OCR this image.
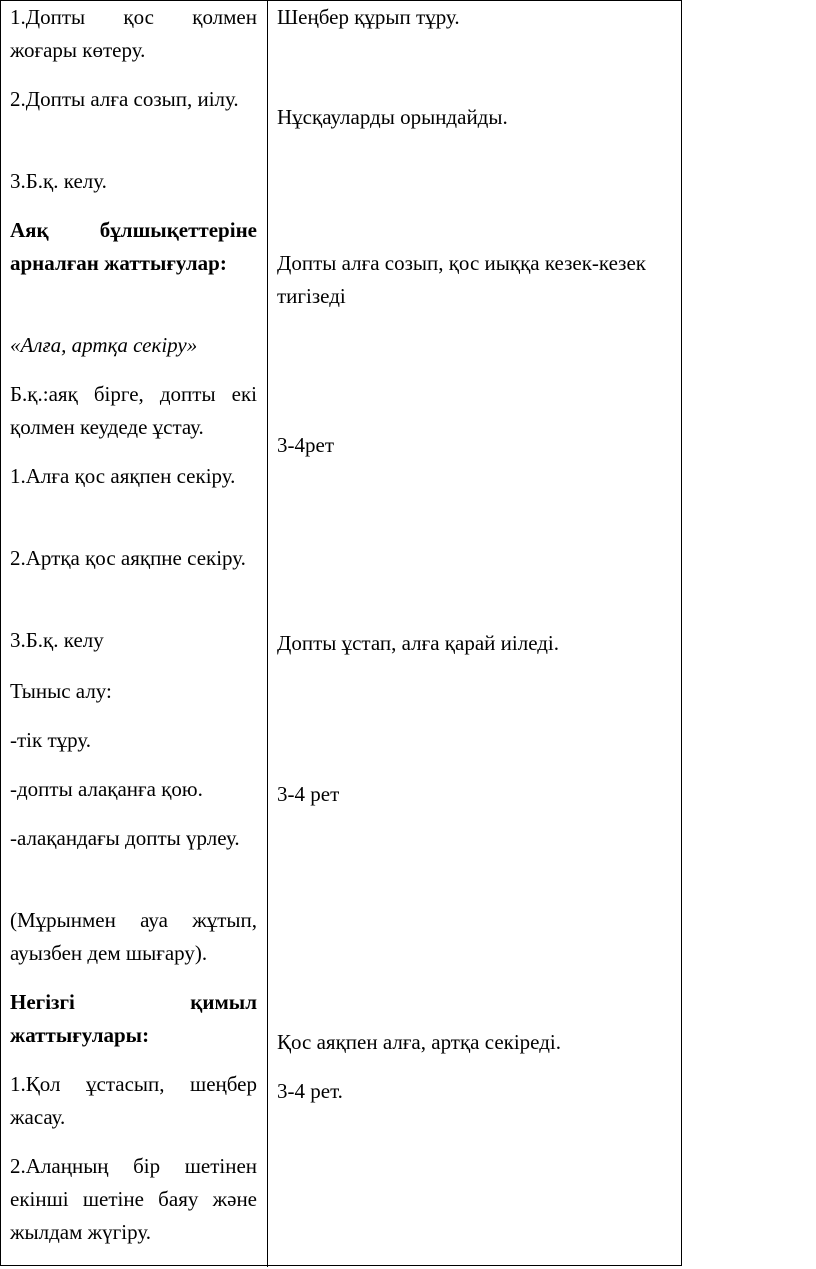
1.Допты қос қолмен жоғары көтеру.

2.Допты алға созып, иілу.

3.Б.қ. келу.

Аяқ бұлшықеттеріне арналған жаттығулар:

«Алға, артқа секіру»

Б.қ.:аяқ бірге, допты екі қолмен кеудеде ұстау.

1.Алға қос аяқпен секіру.

2.Артқа қос аяқпне секіру.

3.Б.қ. келу

Тыныс алу:

-тік тұру.

-допты алақанға қою.

-алақандағы допты үрлеу.

(Мұрынмен ауа жұтып, ауызбен дем шығару).

Негізгі қимыл жаттығулары:

1.Қол ұстасып, шеңбер жасау.

2.Алаңның бір шетінен екінші шетіне баяу және жылдам жүгіру.

Шеңбер құрып тұру.

Нұсқауларды орындайды.

Допты алға созып, қос иыққа кезек-кезек тигізеді

3-4рет

Допты ұстап, алға қарай иіледі.

3-4 рет

Қос аяқпен алға, артқа секіреді.

3-4 рет.
